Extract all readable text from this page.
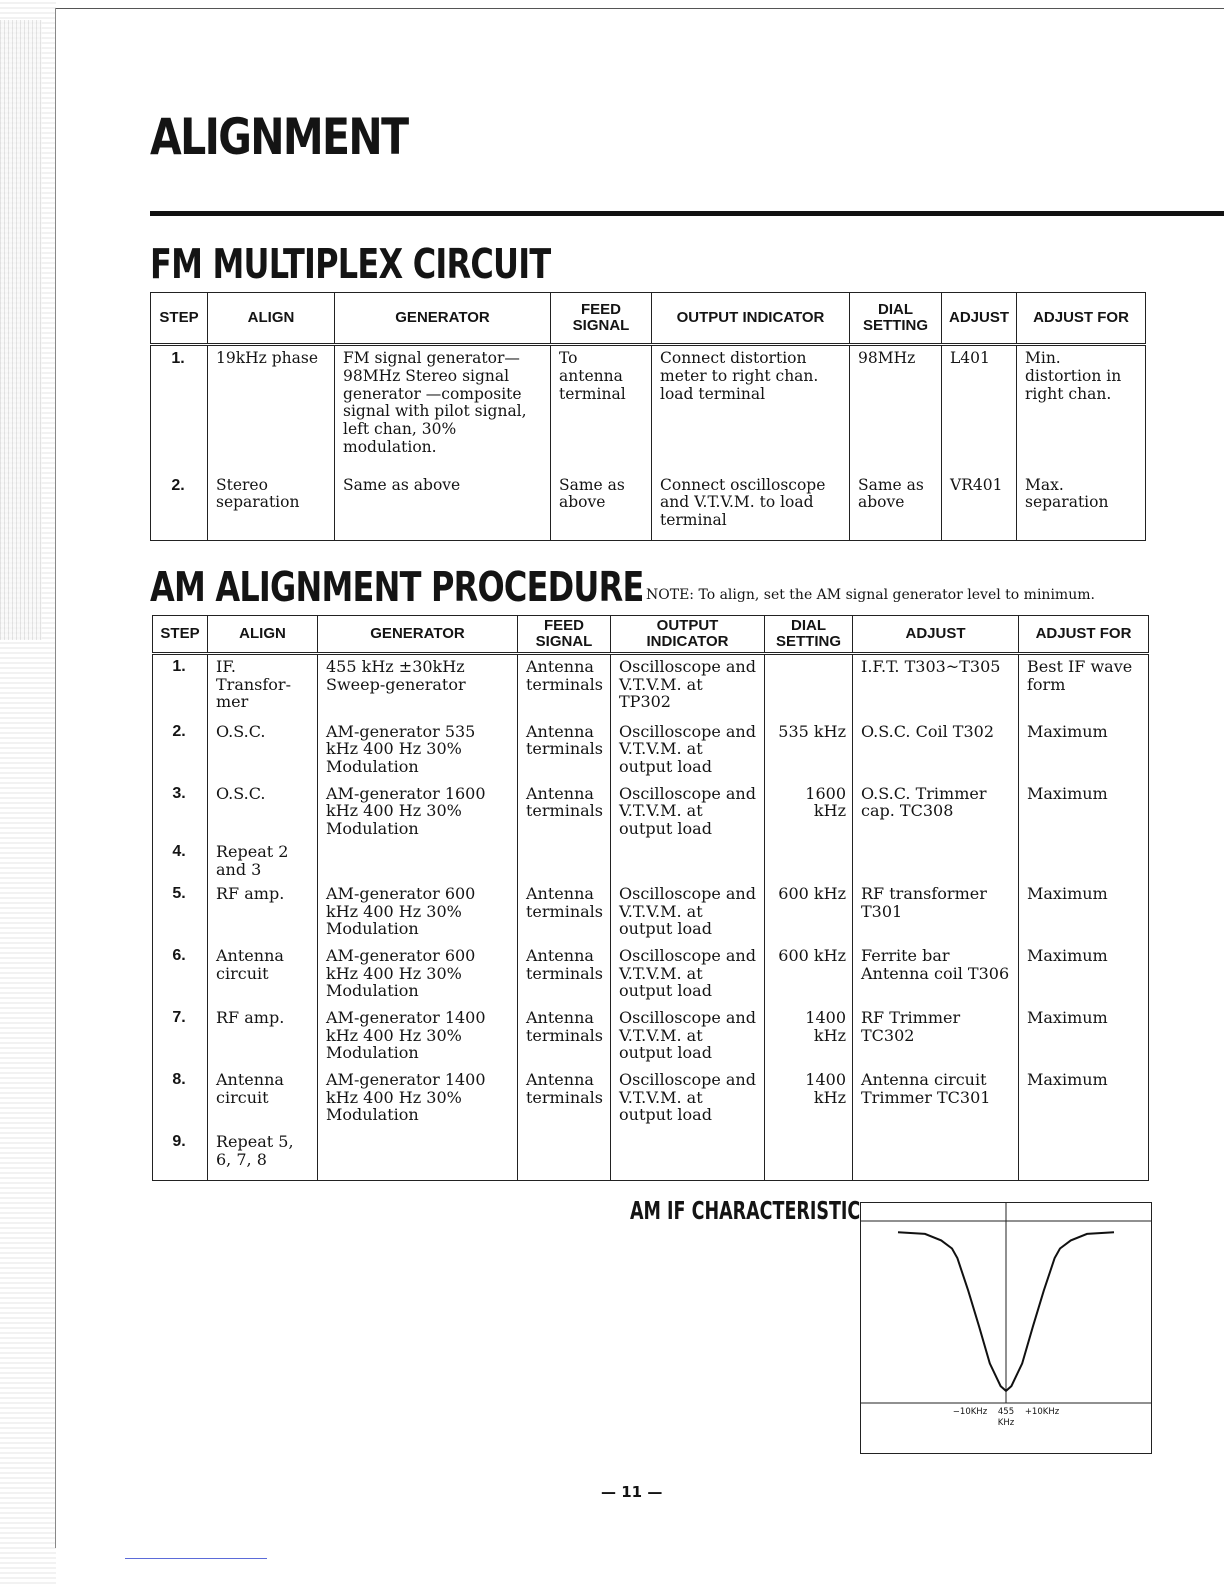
ALIGNMENT
FM MULTIPLEX CIRCUIT
STEP	ALIGN	GENERATOR	FEED SIGNAL	OUTPUT INDICATOR	DIAL SETTING	ADJUST	ADJUST FOR
1.	19kHz phase	FM signal generator—98MHz Stereo signal generator —composite signal with pilot signal, left chan, 30% modulation.	To antenna terminal	Connect distortion meter to right chan. load terminal	98MHz	L401	Min. distortion in right chan.
2.	Stereo separation	Same as above	Same as above	Connect oscilloscope and V.T.V.M. to load terminal	Same as above	VR401	Max. separation
AM ALIGNMENT PROCEDURE NOTE: To align, set the AM signal generator level to minimum.
STEP	ALIGN	GENERATOR	FEED SIGNAL	OUTPUT INDICATOR	DIAL SETTING	ADJUST	ADJUST FOR
1.	IF. Transfor-mer	455 kHz ±30kHz Sweep-generator	Antenna terminals	Oscilloscope and V.T.V.M. at TP302		I.F.T. T303~T305	Best IF wave form
2.	O.S.C.	AM-generator 535 kHz 400 Hz 30% Modulation	Antenna terminals	Oscilloscope and V.T.V.M. at output load	535 kHz	O.S.C. Coil T302	Maximum
3.	O.S.C.	AM-generator 1600 kHz 400 Hz 30% Modulation	Antenna terminals	Oscilloscope and V.T.V.M. at output load	1600 kHz	O.S.C. Trimmer cap. TC308	Maximum
4.	Repeat 2 and 3						
5.	RF amp.	AM-generator 600 kHz 400 Hz 30% Modulation	Antenna terminals	Oscilloscope and V.T.V.M. at output load	600 kHz	RF transformer T301	Maximum
6.	Antenna circuit	AM-generator 600 kHz 400 Hz 30% Modulation	Antenna terminals	Oscilloscope and V.T.V.M. at output load	600 kHz	Ferrite bar Antenna coil T306	Maximum
7.	RF amp.	AM-generator 1400 kHz 400 Hz 30% Modulation	Antenna terminals	Oscilloscope and V.T.V.M. at output load	1400 kHz	RF Trimmer TC302	Maximum
8.	Antenna circuit	AM-generator 1400 kHz 400 Hz 30% Modulation	Antenna terminals	Oscilloscope and V.T.V.M. at output load	1400 kHz	Antenna circuit Trimmer TC301	Maximum
9.	Repeat 5, 6, 7, 8						
AM IF CHARACTERISTIC
−10KHz 455 +10KHz
KHz
— 11 —
